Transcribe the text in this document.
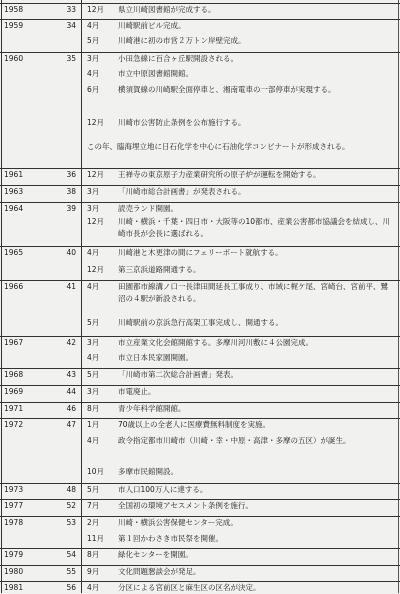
1958	33 12月	県立川崎図書館が完成する。
1959	34 4月	川崎駅前ビル完成。
5月	川崎港に初の市営２万トン岸壁完成。
1960	35 3月	小田急線に百合ヶ丘駅開設される。
4月	市立中原図書館開館。
6月	横須賀線の川崎駅全面停車と、湘南電車の一部停車が実現する。
12月	川崎市公害防止条例を公布施行する。
この年、臨海埋立地に日石化学を中心に石油化学コンビナートが形成される。
1961	36 12月	王禅寺の東京原子力産業研究所の原子炉が運転を開始する。
1963	38 3月	「川崎市総合計画書」が発表される。
1964	39 3月	読売ランド開園。
12月	川崎・横浜・千葉・四日市・大阪等の10都市、産業公害都市協議会を結成し、川崎市長が会長に選ばれる。
1965	40 4月	川崎港と木更津の間にフェリーボート就航する。
12月	第三京浜道路開通する。
1966	41 4月	田園都市線溝ノ口一長津田間延長工事成り、市域に梶ケ尾、宮崎台、宮前平、鷺沼の４駅が新設される。
5月	川崎駅前の京浜急行高架工事完成し、開通する。
1967	42 3月	市立産業文化会館開館する。多摩川河川敷に４公園完成。
4月	市立日本民家園開園。
1968	43 5月	「川崎市第二次総合計画書」発表。
1969	44 3月	市電廃止。
1971	46 8月	青少年科学館開館。
1972	47 1月	70歳以上の全老人に医療費無料制度を実施。
4月	政令指定都市川崎市（川崎・幸・中原・高津・多摩の五区）が誕生。
10月	多摩市民館開設。
1973	48 5月	市人口100万人に達する。
1977	52 7月	全国初の環境アセスメント条例を施行。
1978	53 2月	川崎・横浜公害保健センター完成。
11月	第１回かわさき市民祭を開催。
1979	54 8月	緑化センターを開園。
1980	55 9月	文化問題懇談会が発足。
1981	56 4月	分区による宮前区と麻生区の区名が決定。
